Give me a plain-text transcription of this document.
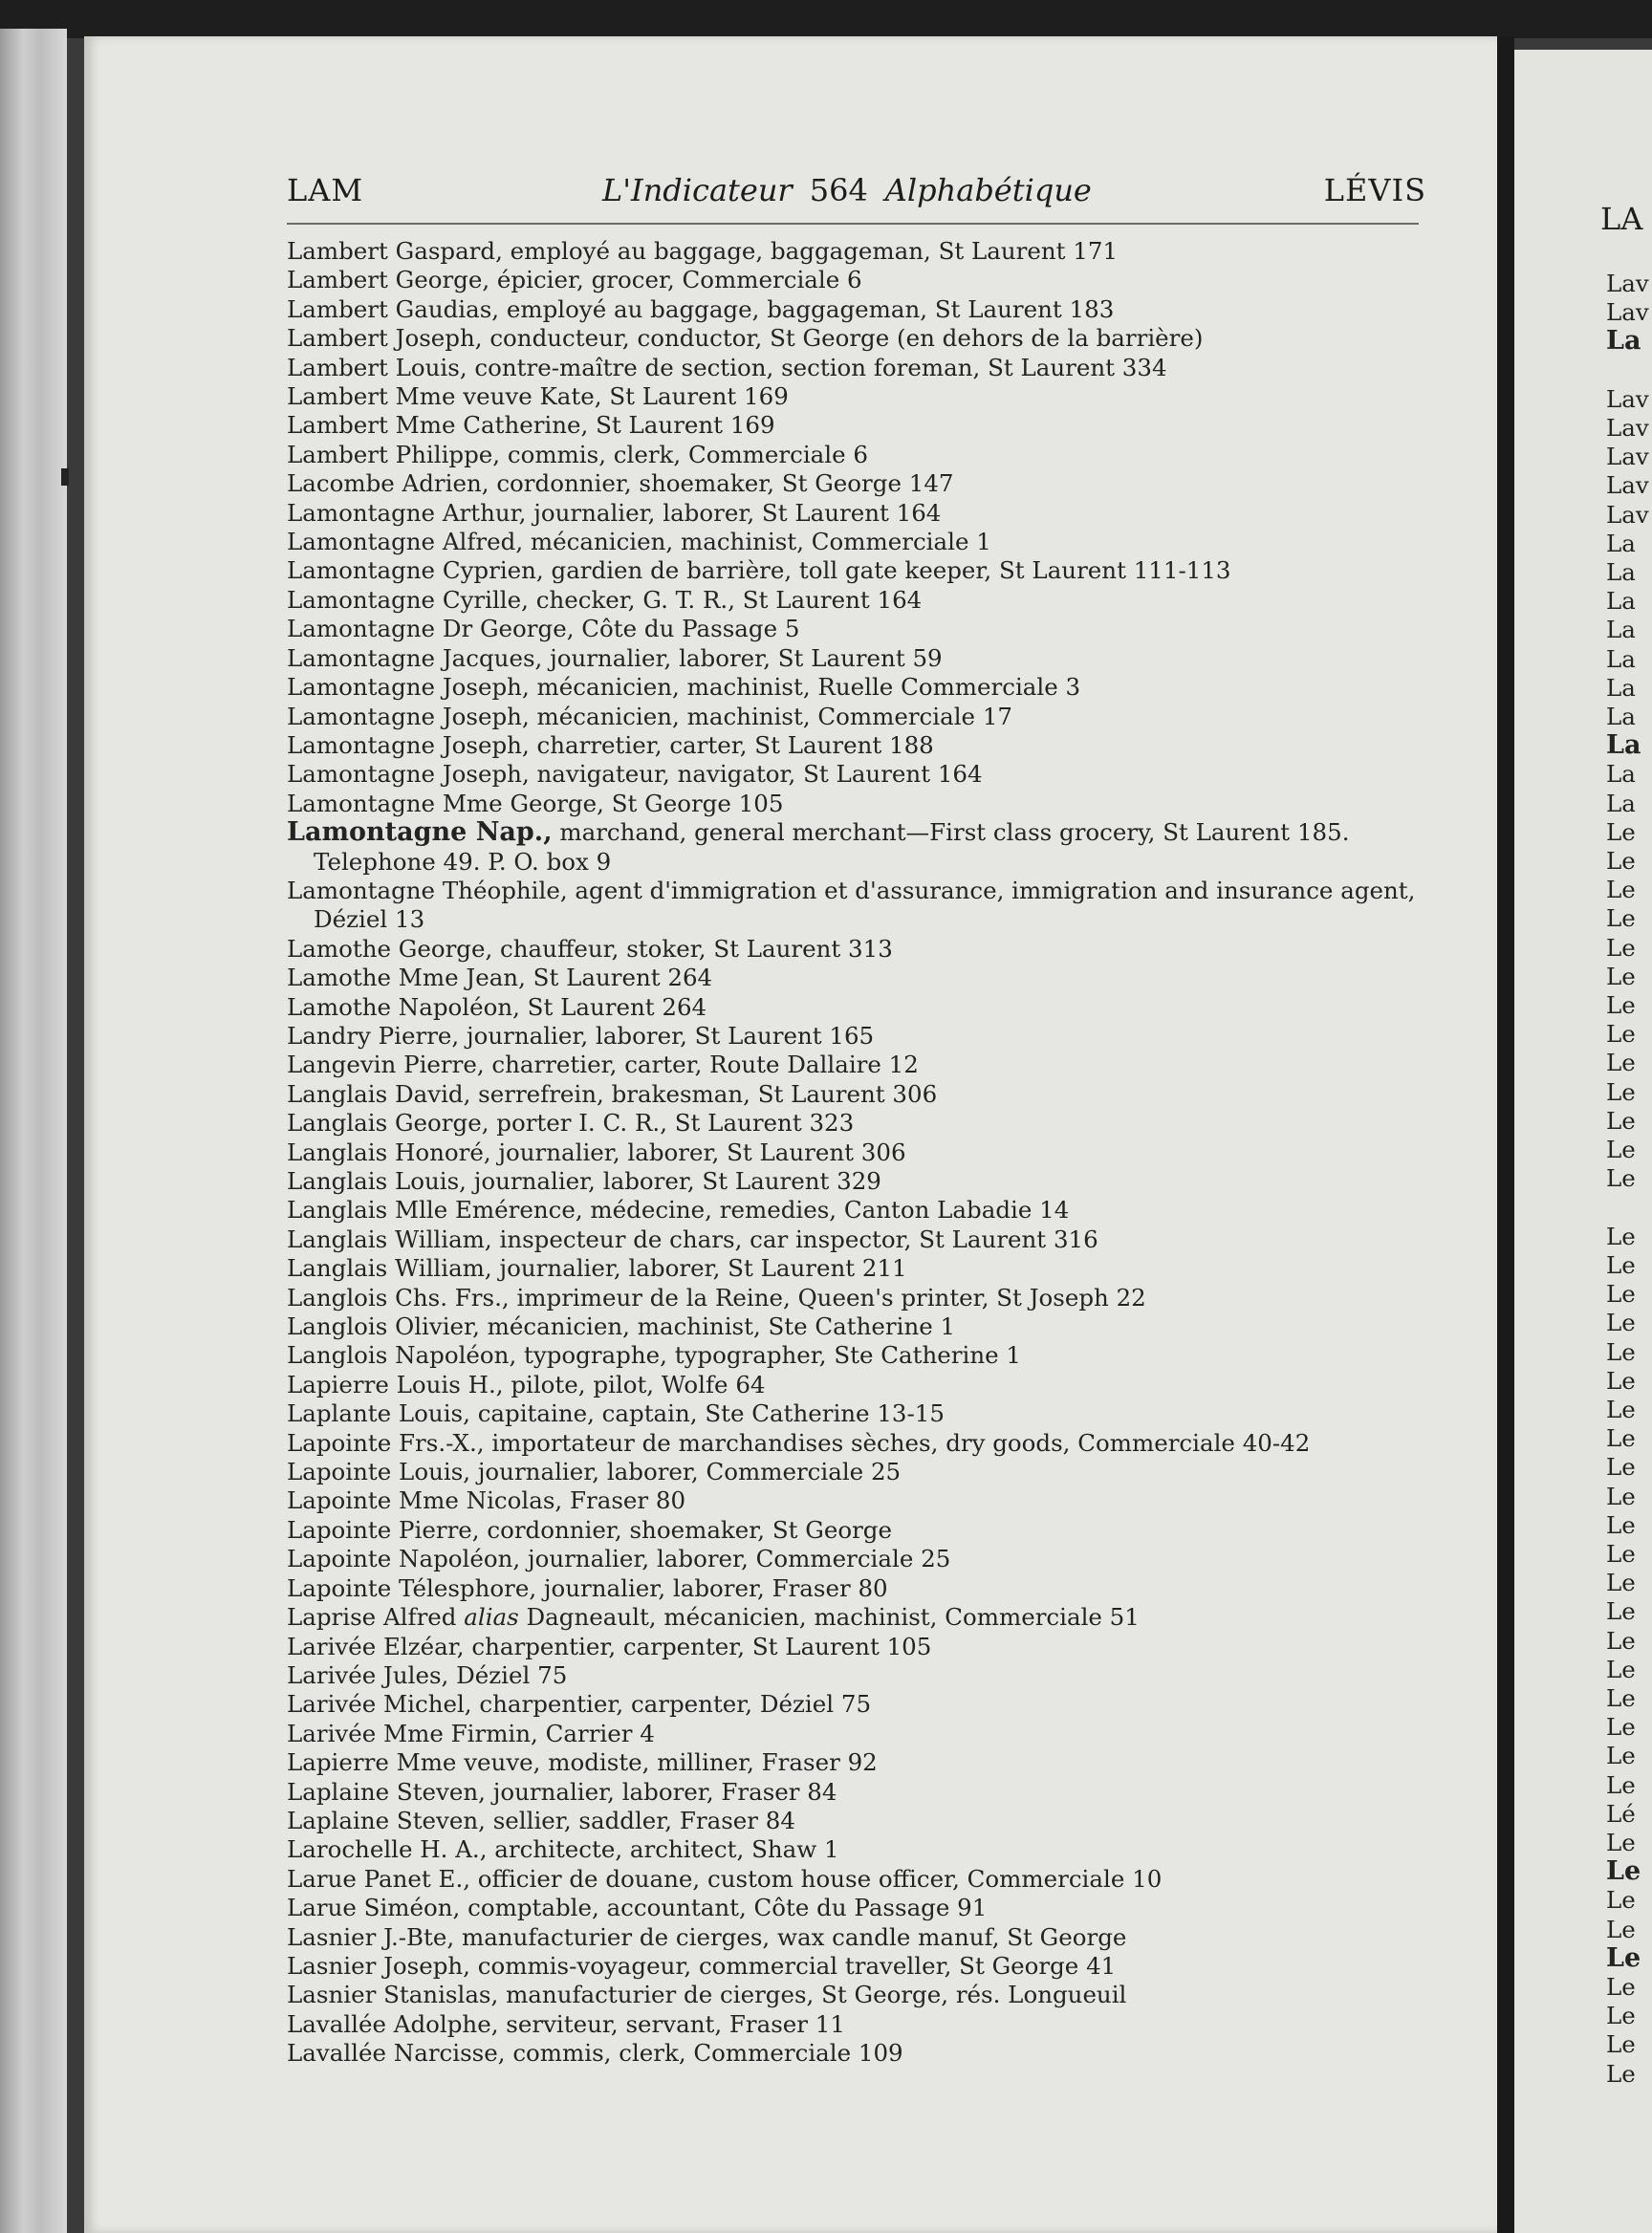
LAM	L'Indicateur 564 Alphabétique	LÉVIS
Lambert Gaspard, employé au baggage, baggageman, St Laurent 171
Lambert George, épicier, grocer, Commerciale 6
Lambert Gaudias, employé au baggage, baggageman, St Laurent 183
Lambert Joseph, conducteur, conductor, St George (en dehors de la barrière)
Lambert Louis, contre-maître de section, section foreman, St Laurent 334
Lambert Mme veuve Kate, St Laurent 169
Lambert Mme Catherine, St Laurent 169
Lambert Philippe, commis, clerk, Commerciale 6
Lacombe Adrien, cordonnier, shoemaker, St George 147
Lamontagne Arthur, journalier, laborer, St Laurent 164
Lamontagne Alfred, mécanicien, machinist, Commerciale 1
Lamontagne Cyprien, gardien de barrière, toll gate keeper, St Laurent 111-113
Lamontagne Cyrille, checker, G. T. R., St Laurent 164
Lamontagne Dr George, Côte du Passage 5
Lamontagne Jacques, journalier, laborer, St Laurent 59
Lamontagne Joseph, mécanicien, machinist, Ruelle Commerciale 3
Lamontagne Joseph, mécanicien, machinist, Commerciale 17
Lamontagne Joseph, charretier, carter, St Laurent 188
Lamontagne Joseph, navigateur, navigator, St Laurent 164
Lamontagne Mme George, St George 105
Lamontagne Nap., marchand, general merchant—First class grocery, St Laurent 185. Telephone 49. P. O. box 9
Lamontagne Théophile, agent d'immigration et d'assurance, immigration and insurance agent, Déziel 13
Lamothe George, chauffeur, stoker, St Laurent 313
Lamothe Mme Jean, St Laurent 264
Lamothe Napoléon, St Laurent 264
Landry Pierre, journalier, laborer, St Laurent 165
Langevin Pierre, charretier, carter, Route Dallaire 12
Langlais David, serrefrein, brakesman, St Laurent 306
Langlais George, porter I. C. R., St Laurent 323
Langlais Honoré, journalier, laborer, St Laurent 306
Langlais Louis, journalier, laborer, St Laurent 329
Langlais Mlle Emérence, médecine, remedies, Canton Labadie 14
Langlais William, inspecteur de chars, car inspector, St Laurent 316
Langlais William, journalier, laborer, St Laurent 211
Langlois Chs. Frs., imprimeur de la Reine, Queen's printer, St Joseph 22
Langlois Olivier, mécanicien, machinist, Ste Catherine 1
Langlois Napoléon, typographe, typographer, Ste Catherine 1
Lapierre Louis H., pilote, pilot, Wolfe 64
Laplante Louis, capitaine, captain, Ste Catherine 13-15
Lapointe Frs.-X., importateur de marchandises sèches, dry goods, Commerciale 40-42
Lapointe Louis, journalier, laborer, Commerciale 25
Lapointe Mme Nicolas, Fraser 80
Lapointe Pierre, cordonnier, shoemaker, St George
Lapointe Napoléon, journalier, laborer, Commerciale 25
Lapointe Télesphore, journalier, laborer, Fraser 80
Laprise Alfred alias Dagneault, mécanicien, machinist, Commerciale 51
Larivée Elzéar, charpentier, carpenter, St Laurent 105
Larivée Jules, Déziel 75
Larivée Michel, charpentier, carpenter, Déziel 75
Larivée Mme Firmin, Carrier 4
Lapierre Mme veuve, modiste, milliner, Fraser 92
Laplaine Steven, journalier, laborer, Fraser 84
Laplaine Steven, sellier, saddler, Fraser 84
Larochelle H. A., architecte, architect, Shaw 1
Larue Panet E., officier de douane, custom house officer, Commerciale 10
Larue Siméon, comptable, accountant, Côte du Passage 91
Lasnier J.-Bte, manufacturier de cierges, wax candle manuf, St George
Lasnier Joseph, commis-voyageur, commercial traveller, St George 41
Lasnier Stanislas, manufacturier de cierges, St George, rés. Longueuil
Lavallée Adolphe, serviteur, servant, Fraser 11
Lavallée Narcisse, commis, clerk, Commerciale 109
LA
Lav
Lav
La

Lav
Lav
Lav
Lav
Lav
La
La
La
La
La
La
La
La
La
La
Le
Le
Le
Le
Le
Le
Le
Le
Le
Le
Le
Le
Le

Le
Le
Le
Le
Le
Le
Le
Le
Le
Le
Le
Le
Le
Le
Le
Le
Le
Le
Le
Le
Lé
Le
Le
Le
Le
Le
Le
Le
Le
Le
